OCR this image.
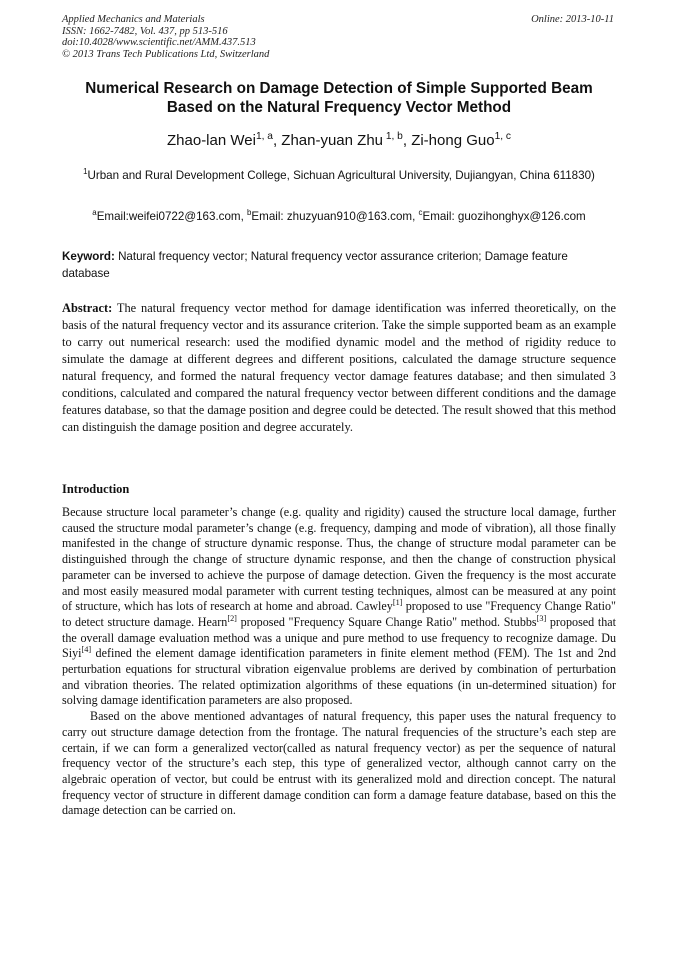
Applied Mechanics and Materials
ISSN: 1662-7482, Vol. 437, pp 513-516
doi:10.4028/www.scientific.net/AMM.437.513
© 2013 Trans Tech Publications Ltd, Switzerland
Online: 2013-10-11
Numerical Research on Damage Detection of Simple Supported Beam Based on the Natural Frequency Vector Method
Zhao-lan Wei$^{1, a}$, Zhan-yuan Zhu $^{1, b}$, Zi-hong Guo$^{1, c}$
$^1$Urban and Rural Development College, Sichuan Agricultural University, Dujiangyan, China 611830)
$^a$Email:weifei0722@163.com, $^b$Email: zhuzyuan910@163.com, $^c$Email: guozihonghyx@126.com
Keyword: Natural frequency vector; Natural frequency vector assurance criterion; Damage feature database
Abstract: The natural frequency vector method for damage identification was inferred theoretically, on the basis of the natural frequency vector and its assurance criterion. Take the simple supported beam as an example to carry out numerical research: used the modified dynamic model and the method of rigidity reduce to simulate the damage at different degrees and different positions, calculated the damage structure sequence natural frequency, and formed the natural frequency vector damage features database; and then simulated 3 conditions, calculated and compared the natural frequency vector between different conditions and the damage features database, so that the damage position and degree could be detected. The result showed that this method can distinguish the damage position and degree accurately.
Introduction

Because structure local parameter’s change (e.g. quality and rigidity) caused the structure local damage, further caused the structure modal parameter’s change (e.g. frequency, damping and mode of vibration), all those finally manifested in the change of structure dynamic response. Thus, the change of structure modal parameter can be distinguished through the change of structure dynamic response, and then the change of construction physical parameter can be inversed to achieve the purpose of damage detection. Given the frequency is the most accurate and most easily measured modal parameter with current testing techniques, almost can be measured at any point of structure, which has lots of research at home and abroad. Cawley[1] proposed to use "Frequency Change Ratio" to detect structure damage. Hearn[2] proposed "Frequency Square Change Ratio" method. Stubbs[3] proposed that the overall damage evaluation method was a unique and pure method to use frequency to recognize damage. Du Siyi[4] defined the element damage identification parameters in finite element method (FEM). The 1st and 2nd perturbation equations for structural vibration eigenvalue problems are derived by combination of perturbation and vibration theories. The related optimization algorithms of these equations (in un-determined situation) for solving damage identification parameters are also proposed.

Based on the above mentioned advantages of natural frequency, this paper uses the natural frequency to carry out structure damage detection from the frontage. The natural frequencies of the structure’s each step are certain, if we can form a generalized vector(called as natural frequency vector) as per the sequence of natural frequency vector of the structure’s each step, this type of generalized vector, although cannot carry on the algebraic operation of vector, but could be entrust with its generalized mold and direction concept. The natural frequency vector of structure in different damage condition can form a damage feature database, based on this the damage detection can be carried on.
